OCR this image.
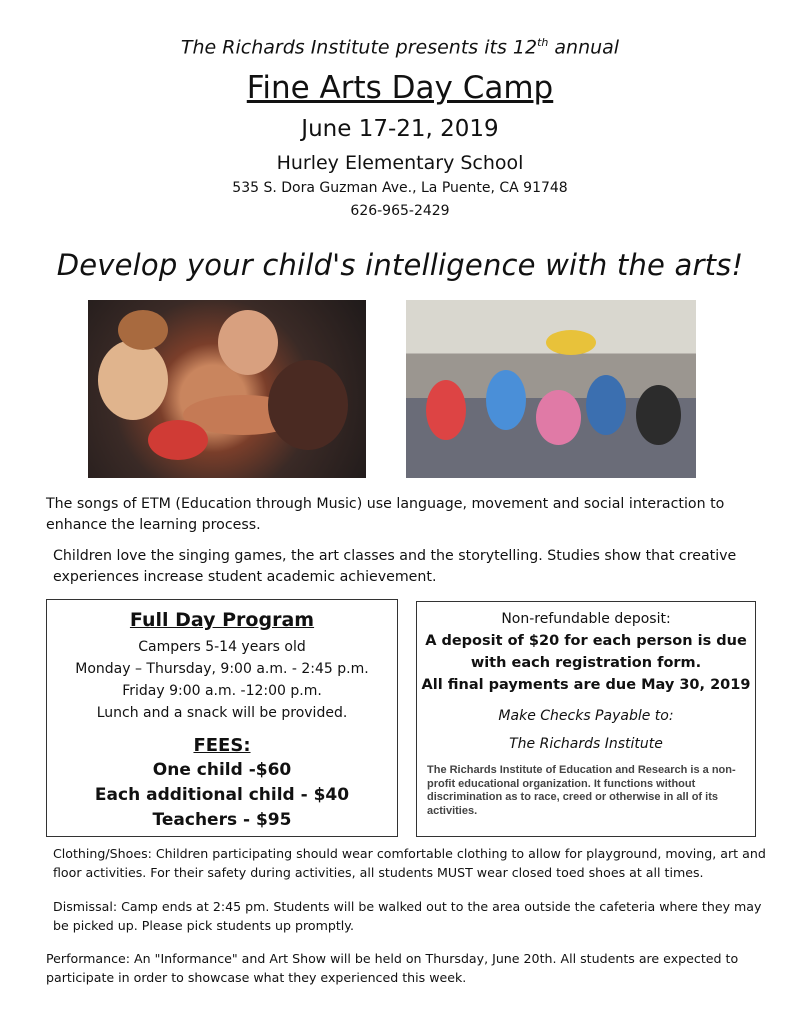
The Richards Institute presents its 12th annual
Fine Arts Day Camp
June 17-21, 2019
Hurley Elementary School
535 S. Dora Guzman Ave., La Puente, CA 91748
626-965-2429
Develop your child's intelligence with the arts!
The songs of ETM (Education through Music) use language, movement and social interaction to enhance the learning process.
Children love the singing games, the art classes and the storytelling. Studies show that creative experiences increase student academic achievement.
Full Day Program
Campers 5-14 years old
Monday – Thursday, 9:00 a.m. - 2:45 p.m.
Friday 9:00 a.m. -12:00 p.m.
Lunch and a snack will be provided.
FEES:
One child -$60
Each additional child - $40
Teachers - $95
Non-refundable deposit:
A deposit of $20 for each person is due
with each registration form.
All final payments are due May 30, 2019
Make Checks Payable to:
The Richards Institute
The Richards Institute of Education and Research is a non-profit educational organization. It functions without discrimination as to race, creed or otherwise in all of its activities.
Clothing/Shoes: Children participating should wear comfortable clothing to allow for playground, moving, art and floor activities. For their safety during activities, all students MUST wear closed toed shoes at all times.
Dismissal: Camp ends at 2:45 pm. Students will be walked out to the area outside the cafeteria where they may be picked up. Please pick students up promptly.
Performance: An "Informance" and Art Show will be held on Thursday, June 20th. All students are expected to participate in order to showcase what they experienced this week.
